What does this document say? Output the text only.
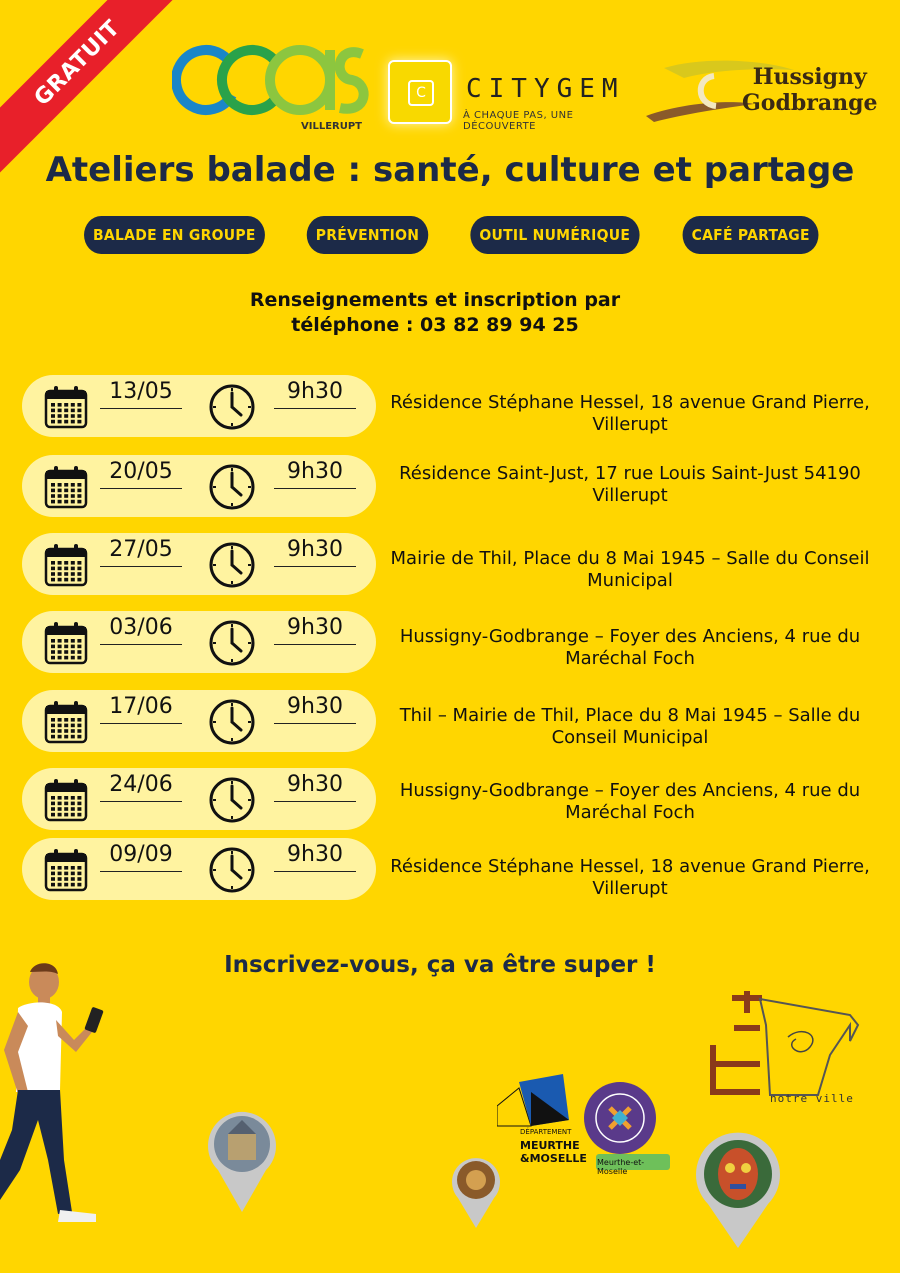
GRATUIT
VILLERUPT
C	CITYGEM
À CHAQUE PAS, UNE DÉCOUVERTE
Hussigny
Godbrange
Ateliers balade : santé, culture et partage
BALADE EN GROUPE	PRÉVENTION	OUTIL NUMÉRIQUE	CAFÉ PARTAGE
Renseignements et inscription par
téléphone : 03 82 89 94 25
13/05	9h30	Résidence Stéphane Hessel, 18 avenue Grand Pierre, Villerupt
20/05	9h30	Résidence Saint-Just, 17 rue Louis Saint-Just 54190 Villerupt
27/05	9h30	Mairie de Thil, Place du 8 Mai 1945 – Salle du Conseil Municipal
03/06	9h30	Hussigny-Godbrange – Foyer des Anciens, 4 rue du Maréchal Foch
17/06	9h30	Thil – Mairie de Thil, Place du 8 Mai 1945 – Salle du Conseil Municipal
24/06	9h30	Hussigny-Godbrange – Foyer des Anciens, 4 rue du Maréchal Foch
09/09	9h30	Résidence Stéphane Hessel, 18 avenue Grand Pierre, Villerupt
Inscrivez-vous, ça va être super !
DÉPARTEMENT
MEURTHE
&MOSELLE Meurthe-et-Moselle
notre ville
